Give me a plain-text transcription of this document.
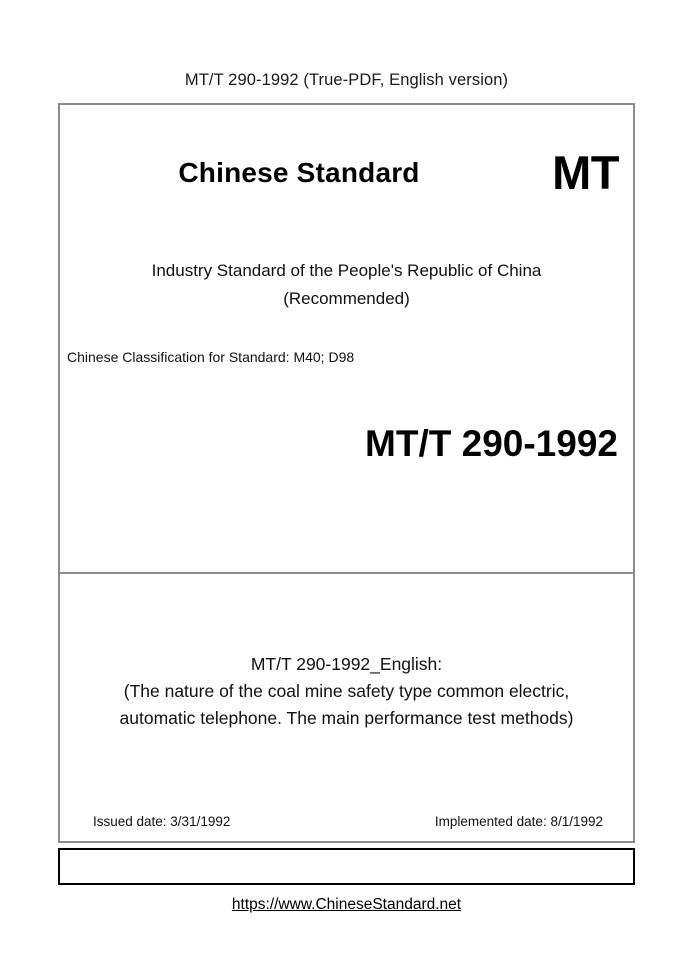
MT/T 290-1992 (True-PDF, English version)
Chinese Standard	MT
Industry Standard of the People's Republic of China
(Recommended)
Chinese Classification for Standard: M40; D98
MT/T 290-1992
MT/T 290-1992_English:
(The nature of the coal mine safety type common electric,
automatic telephone. The main performance test methods)
Issued date: 3/31/1992	Implemented date: 8/1/1992
https://www.ChineseStandard.net
